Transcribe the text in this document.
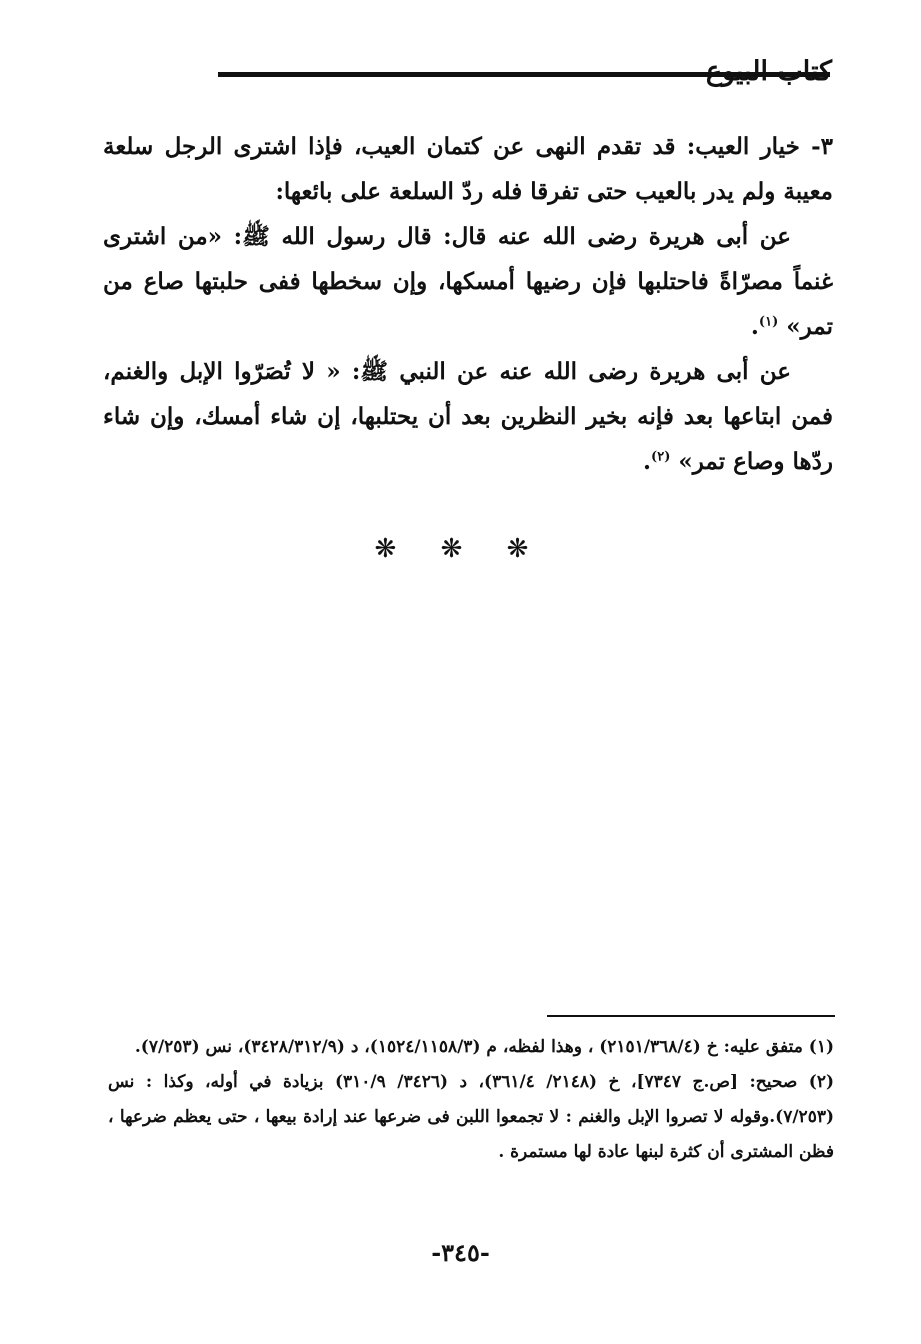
كتاب البيوع

٣- خيار العيب: قد تقدم النهى عن كتمان العيب، فإذا اشترى الرجل سلعة معيبة ولم يدر بالعيب حتى تفرقا فله ردّ السلعة على بائعها:

عن أبى هريرة رضى الله عنه قال: قال رسول الله ﷺ: «من اشترى غنماً مصرّاةً فاحتلبها فإن رضيها أمسكها، وإن سخطها ففى حلبتها صاع من تمر» $^{(١)}$.

عن أبى هريرة رضى الله عنه عن النبي ﷺ: « لا تُصَرّوا الإبل والغنم، فمن ابتاعها بعد فإنه بخير النظرين بعد أن يحتلبها، إن شاء أمسك، وإن شاء ردّها وصاع تمر» $^{(٢)}$.

❋ ❋ ❋

(١) متفق عليه: خ (٢١٥١/٣٦٨/٤) ، وهذا لفظه، م (١٥٢٤/١١٥٨/٣)، د (٣٤٢٨/٣١٢/٩)، نس (٧/٢٥٣).

(٢) صحيح: [ص.ج ٧٣٤٧]، خ (٢١٤٨/ ٣٦١/٤)، د (٣٤٢٦/ ٣١٠/٩) بزيادة في أوله، وكذا : نس (٧/٢٥٣).وقوله لا تصروا الإبل والغنم : لا تجمعوا اللبن فى ضرعها عند إرادة بيعها ، حتى يعظم ضرعها ، فظن المشترى أن كثرة لبنها عادة لها مستمرة .

-٣٤٥-
